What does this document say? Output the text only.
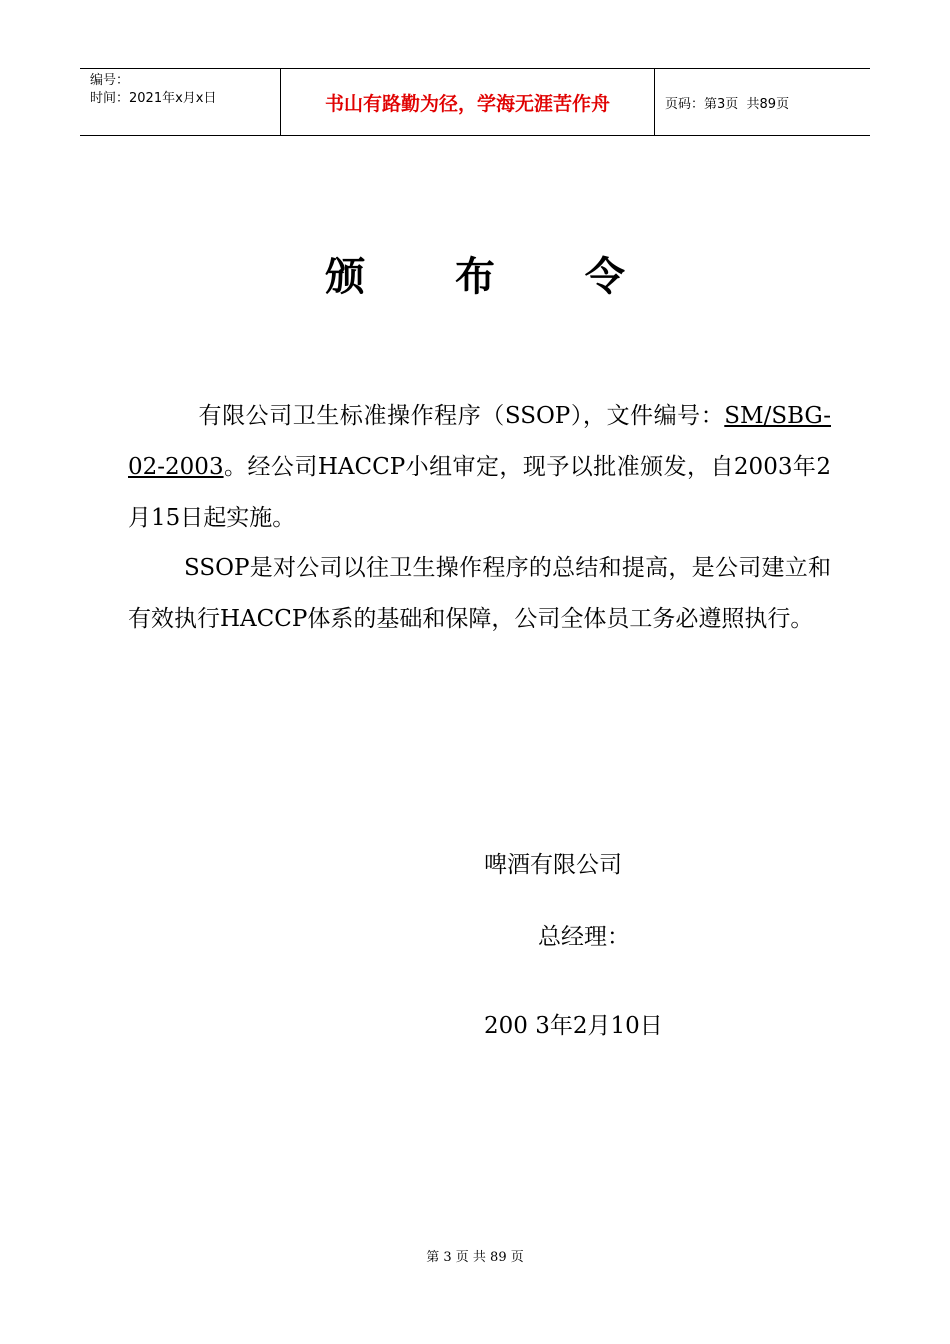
编号：
时间：2021年x月x日	书山有路勤为径，学海无涯苦作舟	页码：第3页  共89页
颁 布 令
有限公司卫生标准操作程序（SSOP），文件编号：SM/SBG-02-2003。经公司HACCP小组审定，现予以批准颁发，自2003年2月15日起实施。
SSOP是对公司以往卫生操作程序的总结和提高，是公司建立和有效执行HACCP体系的基础和保障，公司全体员工务必遵照执行。
啤酒有限公司
总经理：
200 3年2月10日
第 3 页 共 89 页
